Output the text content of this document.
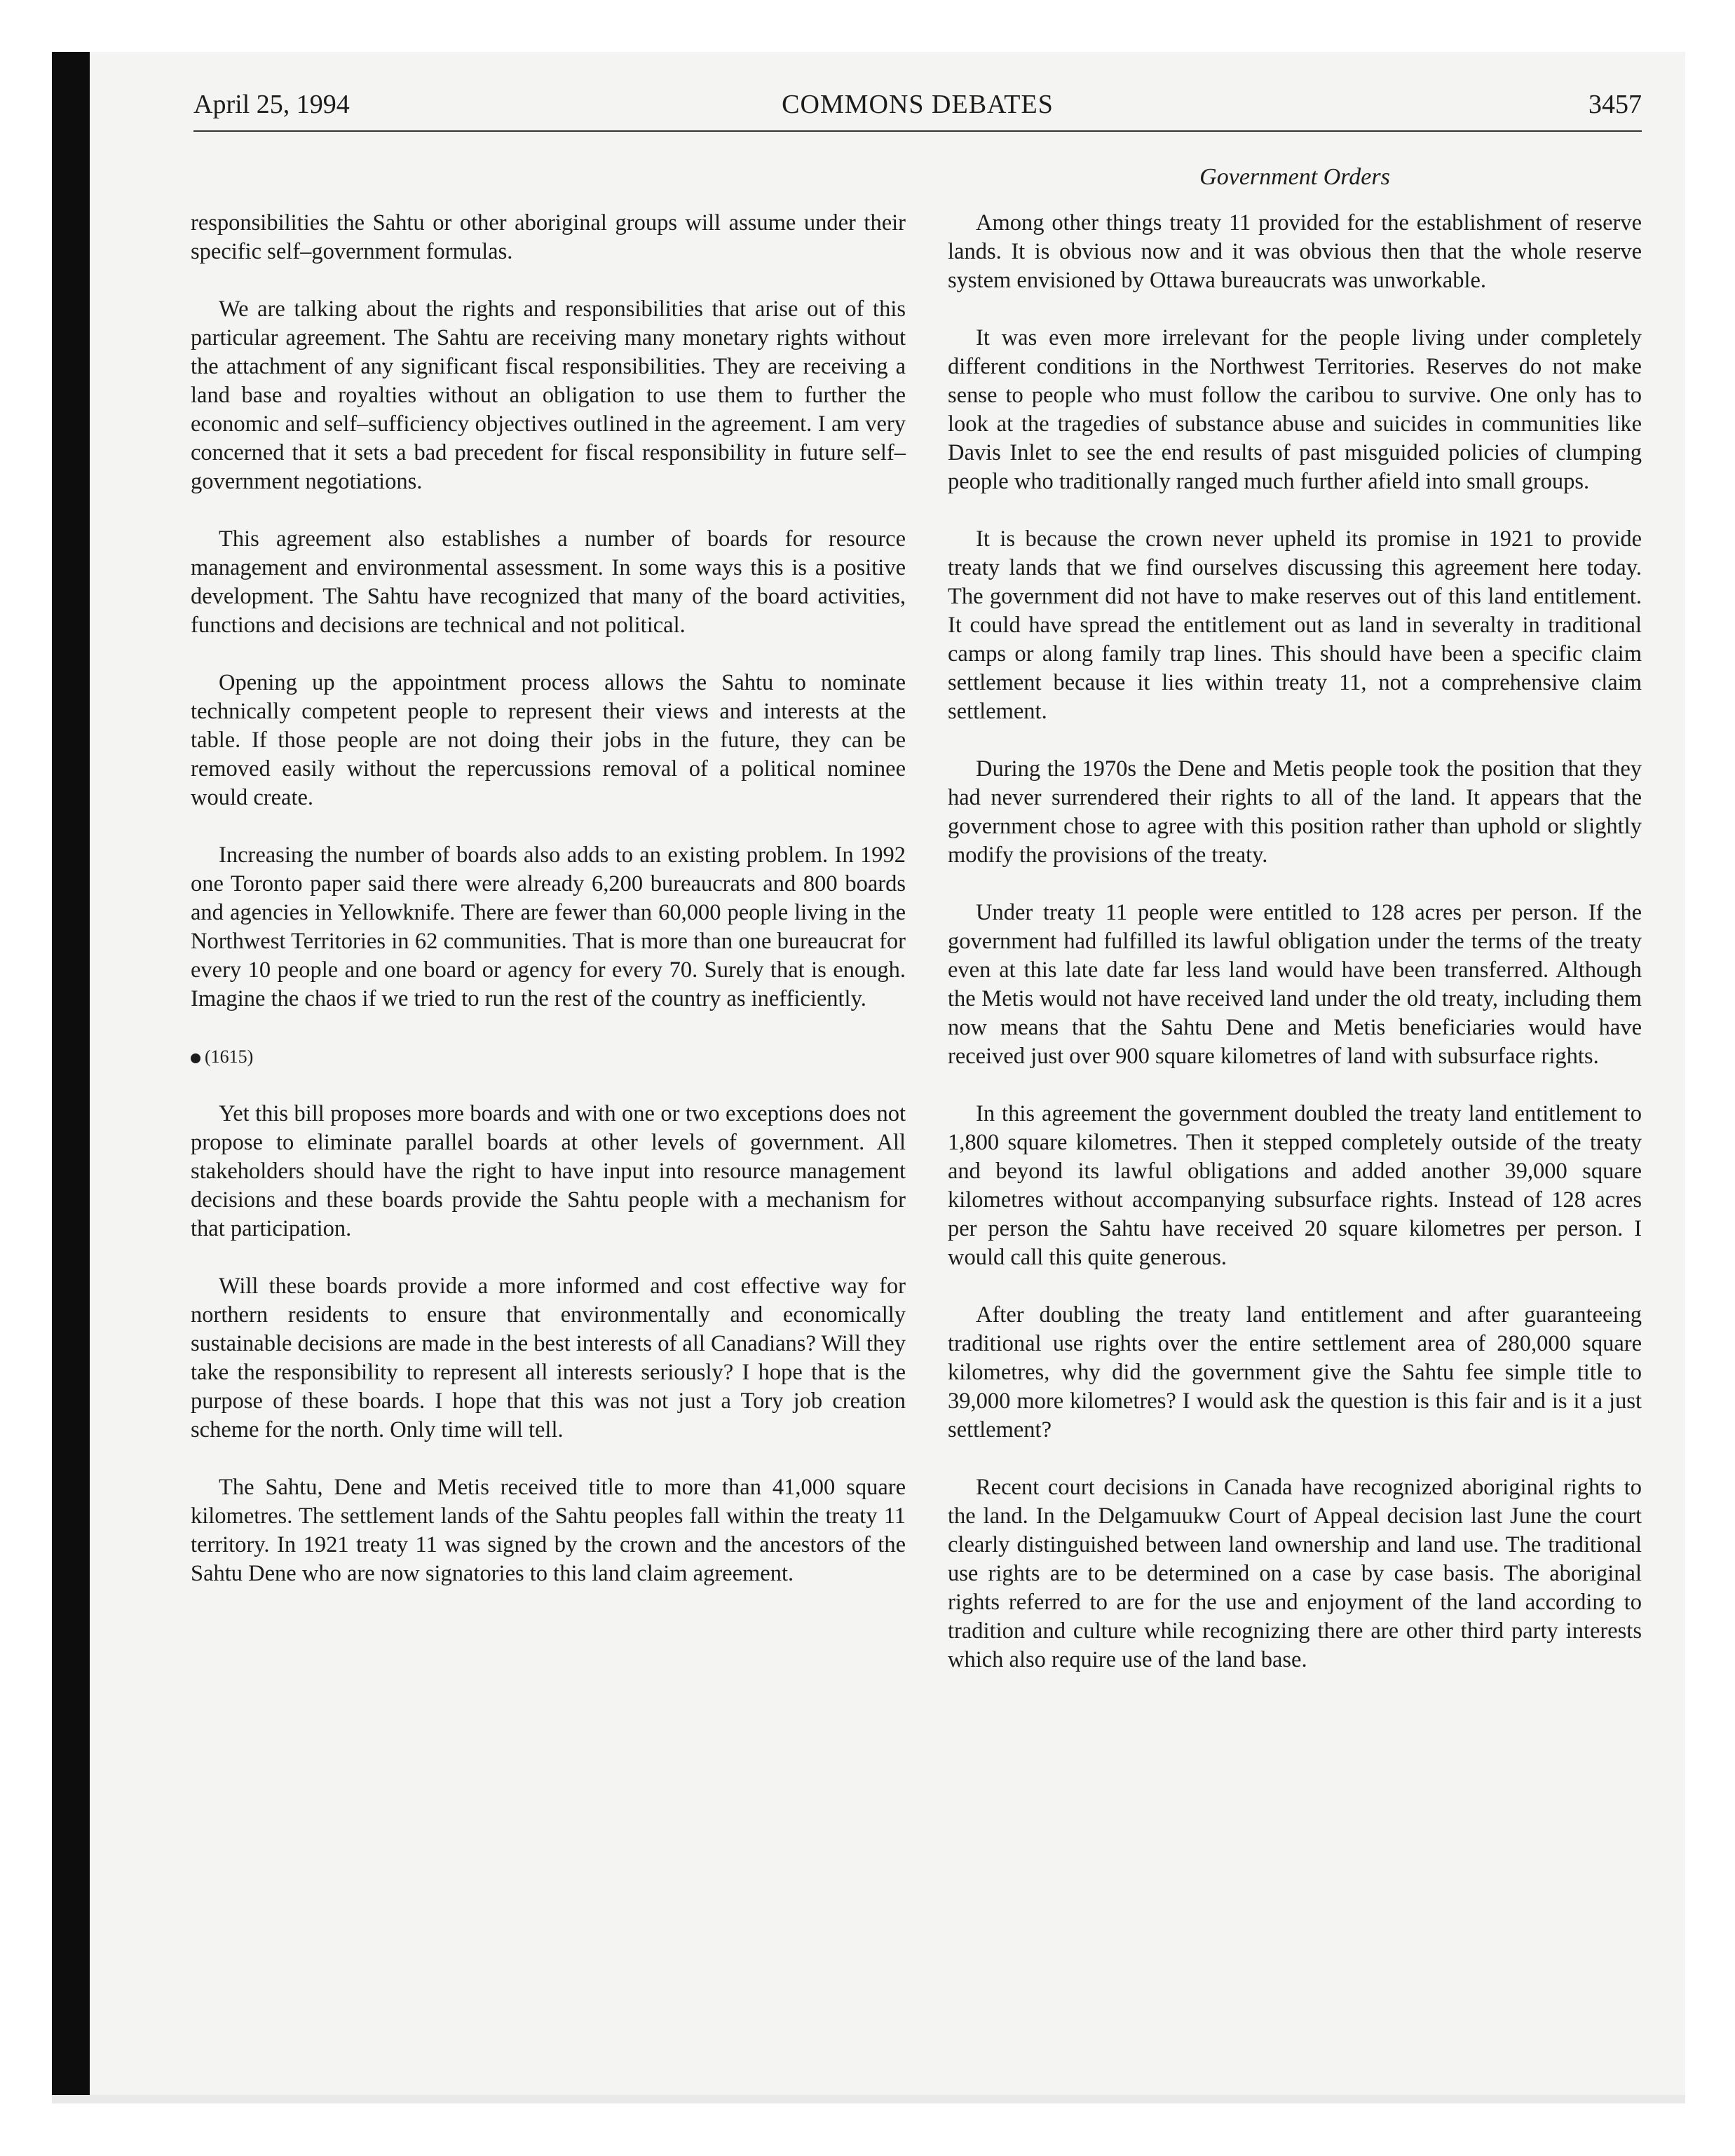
April 25, 1994	COMMONS DEBATES	3457
Government Orders

responsibilities the Sahtu or other aboriginal groups will assume under their specific self–government formulas.

We are talking about the rights and responsibilities that arise out of this particular agreement. The Sahtu are receiving many monetary rights without the attachment of any significant fiscal responsibilities. They are receiving a land base and royalties without an obligation to use them to further the economic and self–sufficiency objectives outlined in the agreement. I am very concerned that it sets a bad precedent for fiscal responsibility in future self–government negotiations.

This agreement also establishes a number of boards for resource management and environmental assessment. In some ways this is a positive development. The Sahtu have recognized that many of the board activities, functions and decisions are technical and not political.

Opening up the appointment process allows the Sahtu to nominate technically competent people to represent their views and interests at the table. If those people are not doing their jobs in the future, they can be removed easily without the repercussions removal of a political nominee would create.

Increasing the number of boards also adds to an existing problem. In 1992 one Toronto paper said there were already 6,200 bureaucrats and 800 boards and agencies in Yellowknife. There are fewer than 60,000 people living in the Northwest Territories in 62 communities. That is more than one bureaucrat for every 10 people and one board or agency for every 70. Surely that is enough. Imagine the chaos if we tried to run the rest of the country as inefficiently.

(1615)

Yet this bill proposes more boards and with one or two exceptions does not propose to eliminate parallel boards at other levels of government. All stakeholders should have the right to have input into resource management decisions and these boards provide the Sahtu people with a mechanism for that participation.

Will these boards provide a more informed and cost effective way for northern residents to ensure that environmentally and economically sustainable decisions are made in the best interests of all Canadians? Will they take the responsibility to represent all interests seriously? I hope that is the purpose of these boards. I hope that this was not just a Tory job creation scheme for the north. Only time will tell.

The Sahtu, Dene and Metis received title to more than 41,000 square kilometres. The settlement lands of the Sahtu peoples fall within the treaty 11 territory. In 1921 treaty 11 was signed by the crown and the ancestors of the Sahtu Dene who are now signatories to this land claim agreement.

Among other things treaty 11 provided for the establishment of reserve lands. It is obvious now and it was obvious then that the whole reserve system envisioned by Ottawa bureaucrats was unworkable.

It was even more irrelevant for the people living under completely different conditions in the Northwest Territories. Reserves do not make sense to people who must follow the caribou to survive. One only has to look at the tragedies of substance abuse and suicides in communities like Davis Inlet to see the end results of past misguided policies of clumping people who traditionally ranged much further afield into small groups.

It is because the crown never upheld its promise in 1921 to provide treaty lands that we find ourselves discussing this agreement here today. The government did not have to make reserves out of this land entitlement. It could have spread the entitlement out as land in severalty in traditional camps or along family trap lines. This should have been a specific claim settlement because it lies within treaty 11, not a comprehensive claim settlement.

During the 1970s the Dene and Metis people took the position that they had never surrendered their rights to all of the land. It appears that the government chose to agree with this position rather than uphold or slightly modify the provisions of the treaty.

Under treaty 11 people were entitled to 128 acres per person. If the government had fulfilled its lawful obligation under the terms of the treaty even at this late date far less land would have been transferred. Although the Metis would not have received land under the old treaty, including them now means that the Sahtu Dene and Metis beneficiaries would have received just over 900 square kilometres of land with subsurface rights.

In this agreement the government doubled the treaty land entitlement to 1,800 square kilometres. Then it stepped completely outside of the treaty and beyond its lawful obligations and added another 39,000 square kilometres without accompanying subsurface rights. Instead of 128 acres per person the Sahtu have received 20 square kilometres per person. I would call this quite generous.

After doubling the treaty land entitlement and after guaranteeing traditional use rights over the entire settlement area of 280,000 square kilometres, why did the government give the Sahtu fee simple title to 39,000 more kilometres? I would ask the question is this fair and is it a just settlement?

Recent court decisions in Canada have recognized aboriginal rights to the land. In the Delgamuukw Court of Appeal decision last June the court clearly distinguished between land ownership and land use. The traditional use rights are to be determined on a case by case basis. The aboriginal rights referred to are for the use and enjoyment of the land according to tradition and culture while recognizing there are other third party interests which also require use of the land base.
